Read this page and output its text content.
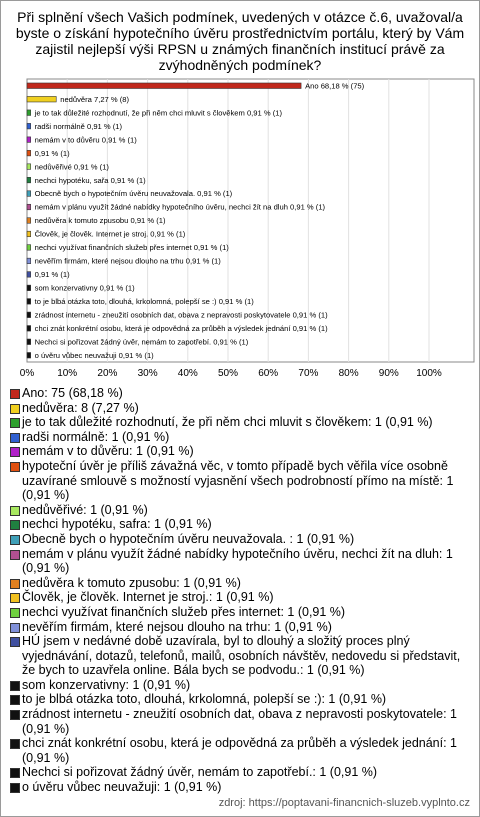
Při splnění všech Vašich podmínek, uvedených v otázce č.6, uvažoval/a byste o získání hypotečního úvěru prostřednictvím portálu, který by Vám zajistil nejlepší výši RPSN u známých finančních institucí právě za zvýhodněných podmínek?
0% 10% 20% 30% 40% 50% 60% 70% 80% 90% 100%
Ano 68,18 % (75)
nedůvěra 7,27 % (8)
je to tak důležité rozhodnutí, že při něm chci mluvit s člověkem 0,91 % (1)
radši normálně 0,91 % (1)
nemám v to důvěru 0,91 % (1)
0,91 % (1)
nedůvěřivé 0,91 % (1)
nechci hypotéku, sařa 0,91 % (1)
Obecně bych o hypotečním úvěru neuvažovala. 0,91 % (1)
nemám v plánu využít žádné nabídky hypotečního úvěru, nechci žít na dluh 0,91 % (1)
nedůvěra k tomuto zpusobu 0,91 % (1)
Člověk, je člověk. Internet je stroj. 0,91 % (1)
nechci využívat finančních služeb přes internet 0,91 % (1)
nevěřím firmám, které nejsou dlouho na trhu 0,91 % (1)
0,91 % (1)
som konzervativny 0,91 % (1)
to je blbá otázka toto, dlouhá, krkolomná, polepší se :) 0,91 % (1)
zrádnost internetu - zneužití osobních dat, obava z nepravosti poskytovatele 0,91 % (1)
chci znát konkrétní osobu, která je odpovědná za průběh a výsledek jednání 0,91 % (1)
Nechci si pořizovat žádný úvěr, nemám to zapotřebí. 0,91 % (1)
o úvěru vůbec neuvažuji 0,91 % (1)
Ano: 75 (68,18 %)
nedůvěra: 8 (7,27 %)
je to tak důležité rozhodnutí, že při něm chci mluvit s člověkem: 1 (0,91 %)
radši normálně: 1 (0,91 %)
nemám v to důvěru: 1 (0,91 %)
hypoteční úvěr je příliš závažná věc, v tomto případě bych věřila více osobně uzavírané smlouvě s možností vyjasnění všech podrobností přímo na místě: 1 (0,91 %)
nedůvěřivé: 1 (0,91 %)
nechci hypotéku, safra: 1 (0,91 %)
Obecně bych o hypotečním úvěru neuvažovala. : 1 (0,91 %)
nemám v plánu využít žádné nabídky hypotečního úvěru, nechci žít na dluh: 1 (0,91 %)
nedůvěra k tomuto zpusobu: 1 (0,91 %)
Člověk, je člověk. Internet je stroj.: 1 (0,91 %)
nechci využívat finančních služeb přes internet: 1 (0,91 %)
nevěřím firmám, které nejsou dlouho na trhu: 1 (0,91 %)
HÚ jsem v nedávné době uzavírala, byl to dlouhý a složitý proces plný vyjednávání, dotazů, telefonů, mailů, osobních návštěv, nedovedu si představit, že bych to uzavřela online. Bála bych se podvodu.: 1 (0,91 %)
som konzervativny: 1 (0,91 %)
to je blbá otázka toto, dlouhá, krkolomná, polepší se :): 1 (0,91 %)
zrádnost internetu - zneužití osobních dat, obava z nepravosti poskytovatele: 1 (0,91 %)
chci znát konkrétní osobu, která je odpovědná za průběh a výsledek jednání: 1 (0,91 %)
Nechci si pořizovat žádný úvěr, nemám to zapotřebí.: 1 (0,91 %)
o úvěru vůbec neuvažuji: 1 (0,91 %)
zdroj: https://poptavani-financnich-sluzeb.vyplnto.cz
